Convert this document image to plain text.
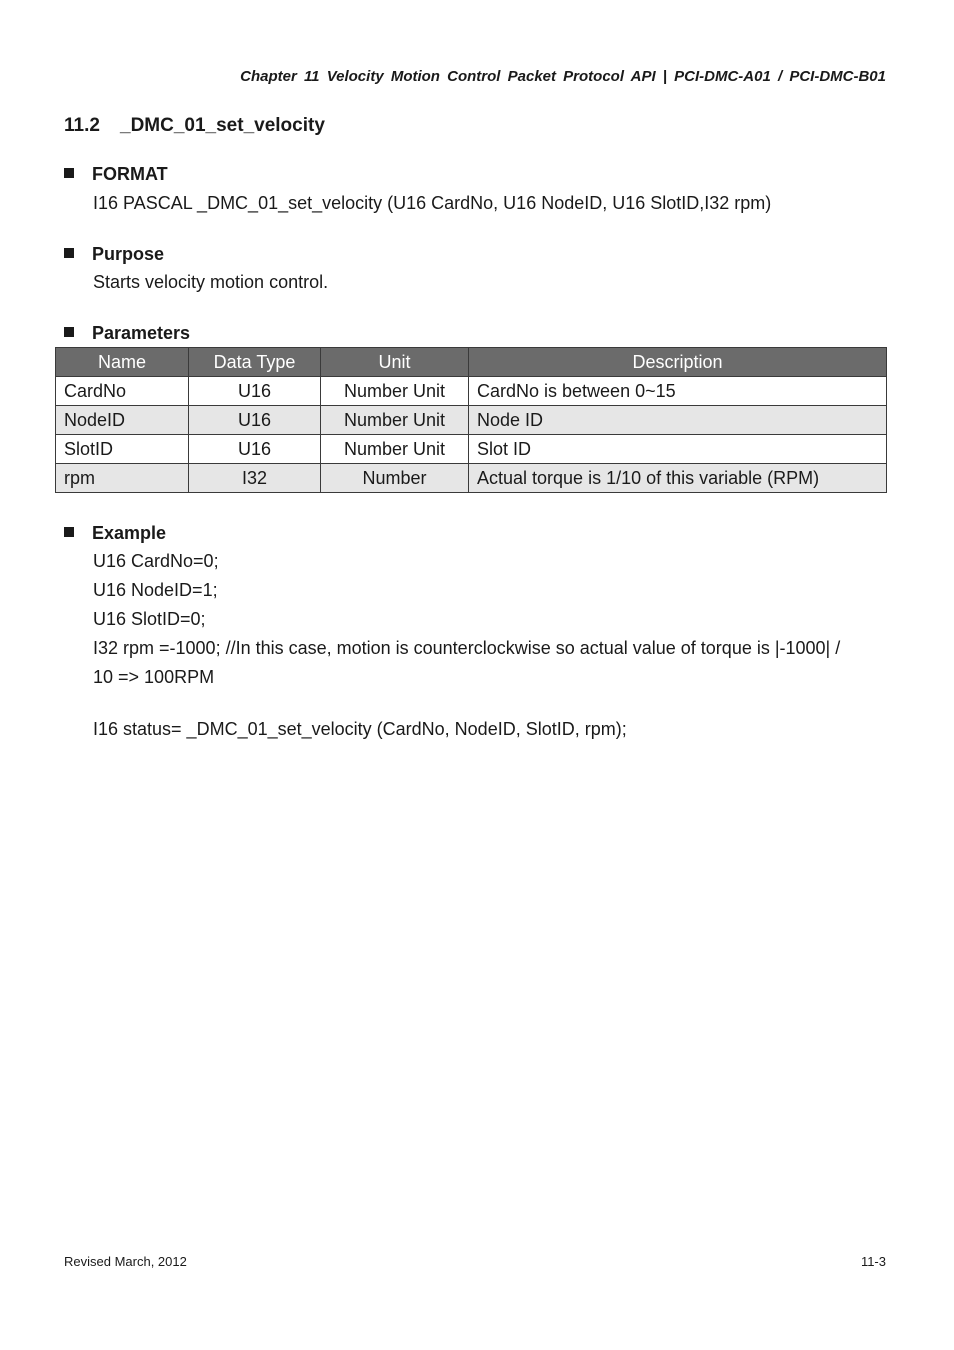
Chapter 11 Velocity Motion Control Packet Protocol API | PCI-DMC-A01 / PCI-DMC-B01
11.2 _DMC_01_set_velocity
FORMAT
I16 PASCAL _DMC_01_set_velocity (U16 CardNo, U16 NodeID, U16 SlotID,I32 rpm)
Purpose
Starts velocity motion control.
Parameters
Name	Data Type	Unit	Description
CardNo	U16	Number Unit	CardNo is between 0~15
NodeID	U16	Number Unit	Node ID
SlotID	U16	Number Unit	Slot ID
rpm	I32	Number	Actual torque is 1/10 of this variable (RPM)
Example
U16 CardNo=0;
U16 NodeID=1;
U16 SlotID=0;
I32 rpm =-1000; //In this case, motion is counterclockwise so actual value of torque is |-1000| /
10 => 100RPM
I16 status= _DMC_01_set_velocity (CardNo, NodeID, SlotID, rpm);
Revised March, 2012	11-3
